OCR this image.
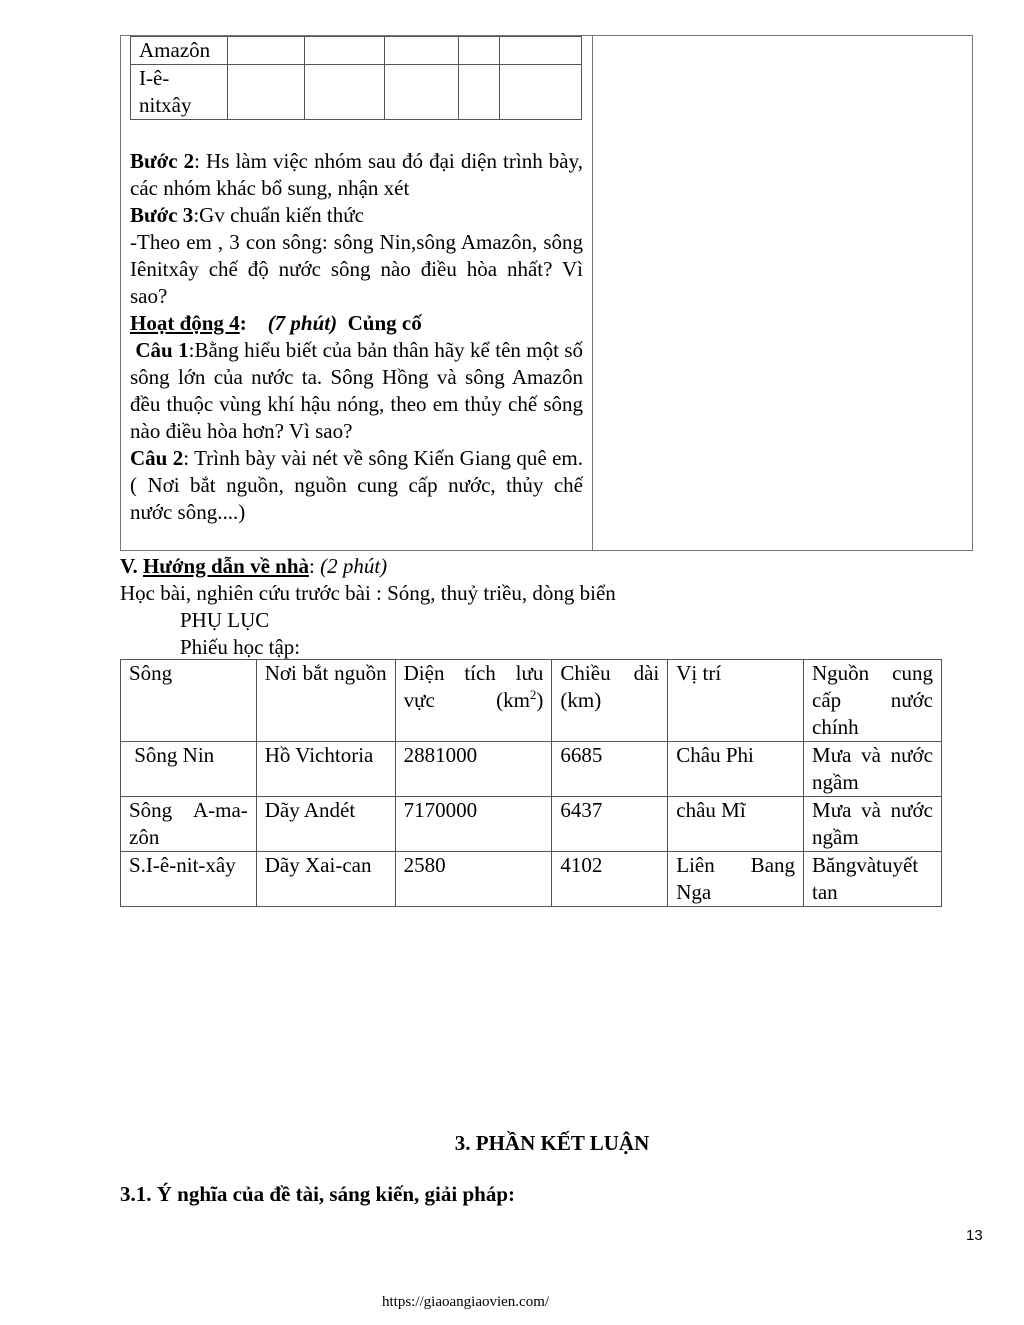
Amazôn					
I-ê-nitxây					

Bước 2: Hs làm việc nhóm sau đó đại diện trình bày, các nhóm khác bổ sung, nhận xét

Bước 3:Gv chuẩn kiến thức

-Theo em , 3 con sông: sông Nin,sông Amazôn, sông Iênitxây chế độ nước sông nào điều hòa nhất? Vì sao?

Hoạt động 4: (7 phút) Củng cố

Câu 1:Bằng hiểu biết của bản thân hãy kể tên một số sông lớn của nước ta. Sông Hồng và sông Amazôn đều thuộc vùng khí hậu nóng, theo em thủy chế sông nào điều hòa hơn? Vì sao?

Câu 2: Trình bày vài nét về sông Kiến Giang quê em.( Nơi bắt nguồn, nguồn cung cấp nước, thủy chế nước sông....)

V. Hướng dẫn về nhà: (2 phút)

Học bài, nghiên cứu trước bài : Sóng, thuỷ triều, dòng biển

PHỤ LỤC

Phiếu học tập:

Sông	Nơi bắt nguồn	Diện tích lưu vực $(km^2)$	Chiều dài (km)	Vị trí	Nguồn cung cấp nước chính
Sông Nin	Hồ Vichtoria	2881000	6685	Châu Phi	Mưa và nước ngầm
Sông A-ma-zôn	Dãy Andét	7170000	6437	châu Mĩ	Mưa và nước ngầm
S.I-ê-nit-xây	Dãy Xai-can	2580	4102	Liên Bang Nga	Băngvàtuyết tan
3. PHẦN KẾT LUẬN
3.1. Ý nghĩa của đề tài, sáng kiến, giải pháp:
13
https://giaoangiaovien.com/
